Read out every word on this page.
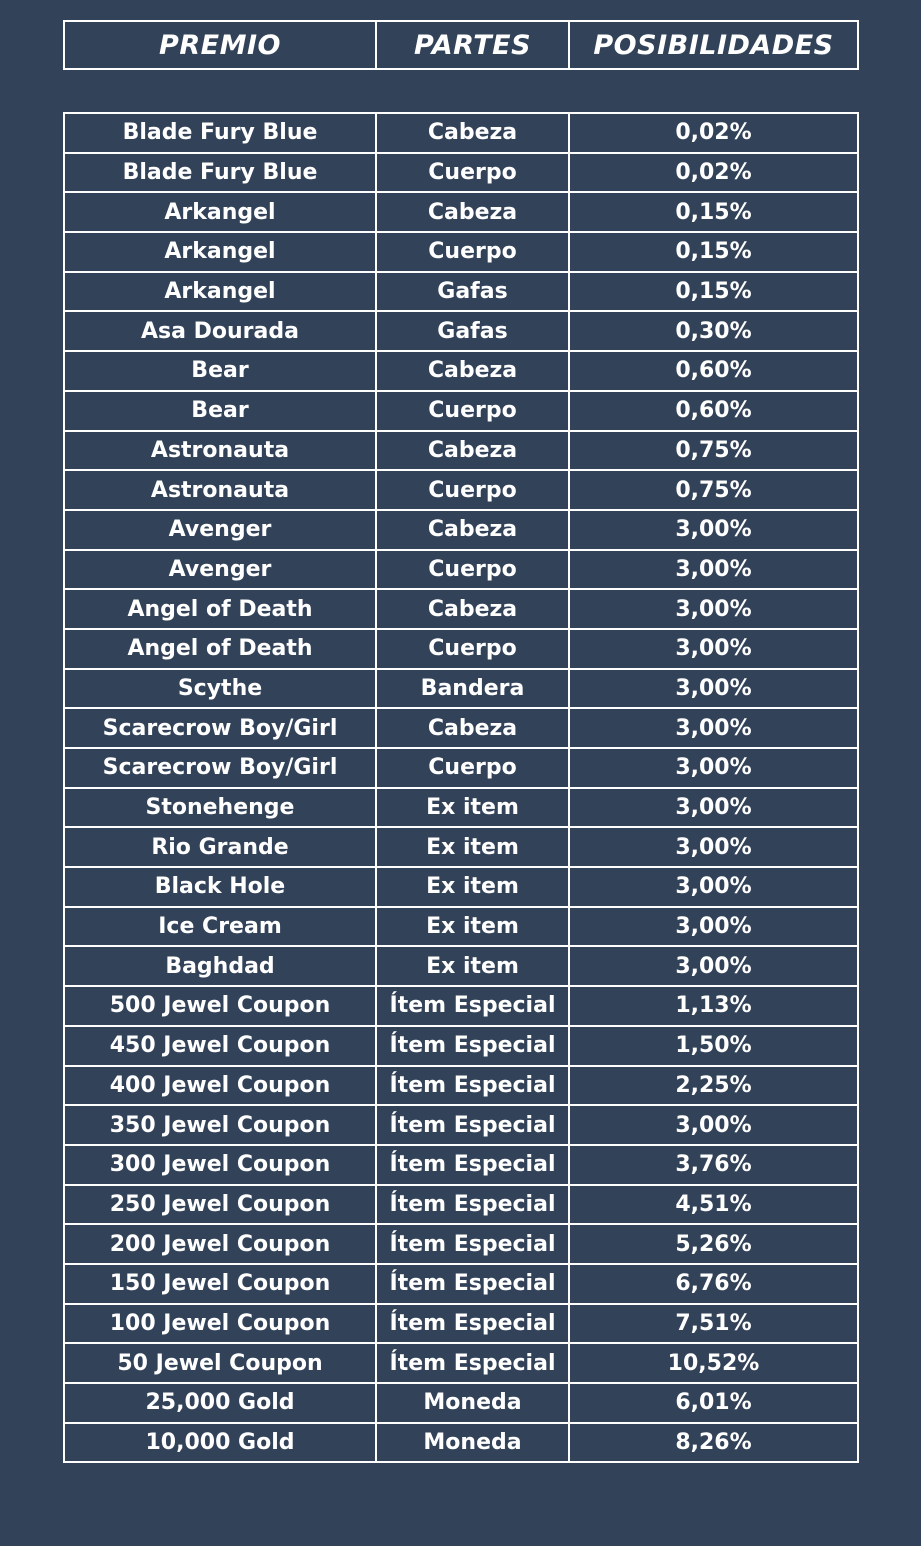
PREMIO	PARTES	POSIBILIDADES
Blade Fury Blue	Cabeza	0,02%
Blade Fury Blue	Cuerpo	0,02%
Arkangel	Cabeza	0,15%
Arkangel	Cuerpo	0,15%
Arkangel	Gafas	0,15%
Asa Dourada	Gafas	0,30%
Bear	Cabeza	0,60%
Bear	Cuerpo	0,60%
Astronauta	Cabeza	0,75%
Astronauta	Cuerpo	0,75%
Avenger	Cabeza	3,00%
Avenger	Cuerpo	3,00%
Angel of Death	Cabeza	3,00%
Angel of Death	Cuerpo	3,00%
Scythe	Bandera	3,00%
Scarecrow Boy/Girl	Cabeza	3,00%
Scarecrow Boy/Girl	Cuerpo	3,00%
Stonehenge	Ex item	3,00%
Rio Grande	Ex item	3,00%
Black Hole	Ex item	3,00%
Ice Cream	Ex item	3,00%
Baghdad	Ex item	3,00%
500 Jewel Coupon	Ítem Especial	1,13%
450 Jewel Coupon	Ítem Especial	1,50%
400 Jewel Coupon	Ítem Especial	2,25%
350 Jewel Coupon	Ítem Especial	3,00%
300 Jewel Coupon	Ítem Especial	3,76%
250 Jewel Coupon	Ítem Especial	4,51%
200 Jewel Coupon	Ítem Especial	5,26%
150 Jewel Coupon	Ítem Especial	6,76%
100 Jewel Coupon	Ítem Especial	7,51%
50 Jewel Coupon	Ítem Especial	10,52%
25,000 Gold	Moneda	6,01%
10,000 Gold	Moneda	8,26%
